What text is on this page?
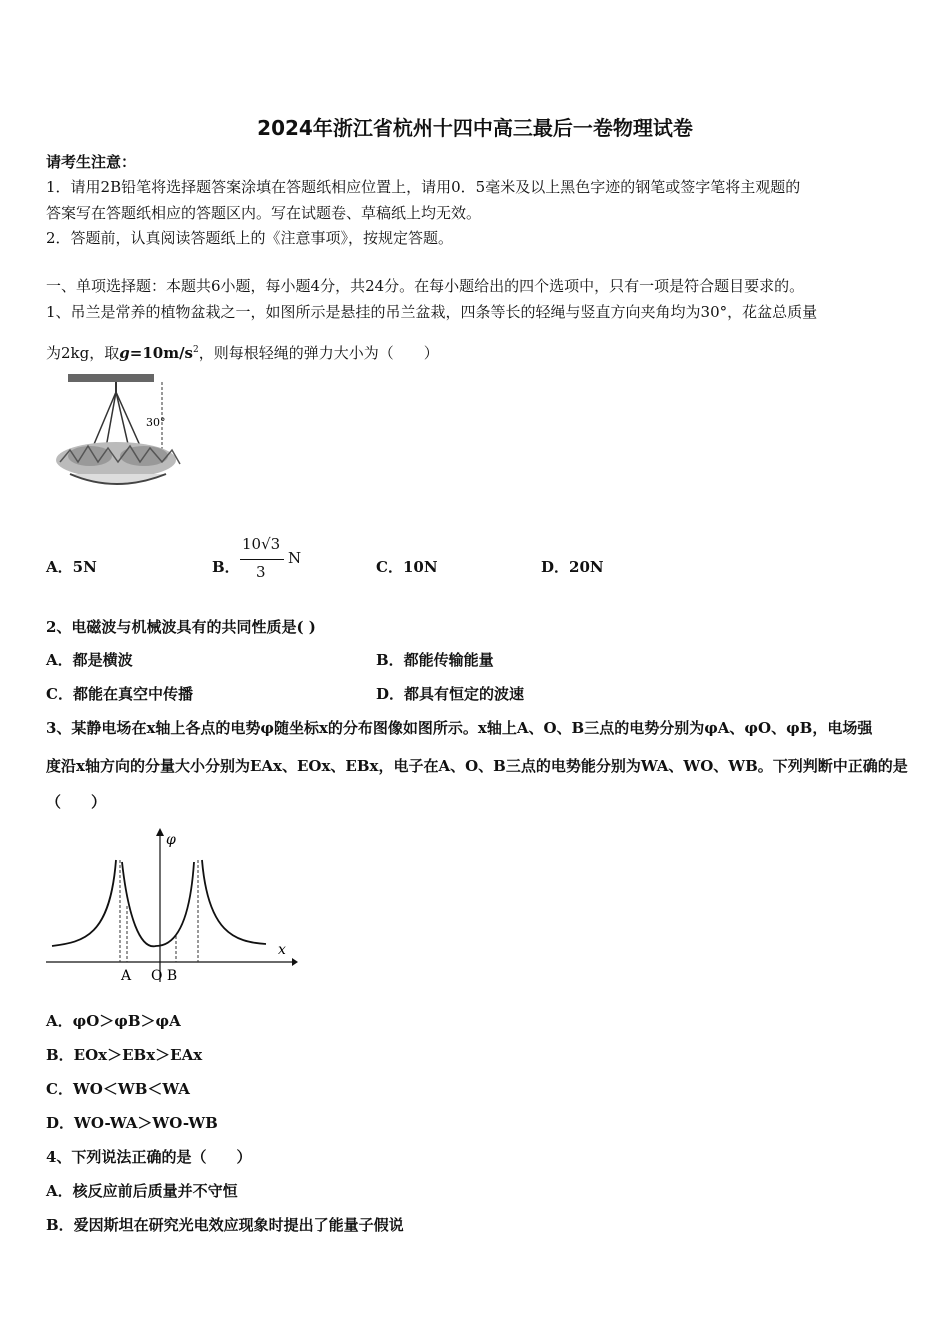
2024年浙江省杭州十四中高三最后一卷物理试卷
请考生注意：
1．请用2B铅笔将选择题答案涂填在答题纸相应位置上，请用0．5毫米及以上黑色字迹的钢笔或签字笔将主观题的
答案写在答题纸相应的答题区内。写在试题卷、草稿纸上均无效。
2．答题前，认真阅读答题纸上的《注意事项》，按规定答题。
一、单项选择题：本题共6小题，每小题4分，共24分。在每小题给出的四个选项中，只有一项是符合题目要求的。
1、吊兰是常养的植物盆栽之一，如图所示是悬挂的吊兰盆栽，四条等长的轻绳与竖直方向夹角均为30°，花盆总质量
为2kg，取$g=10m/s^2$，则每根轻绳的弹力大小为（　　）
30°
A．5N	B．
10√3
3
N	C．10N	D．20N
2、电磁波与机械波具有的共同性质是( )
A．都是横波	B．都能传输能量
C．都能在真空中传播	D．都具有恒定的波速
3、某静电场在x轴上各点的电势φ随坐标x的分布图像如图所示。x轴上A、O、B三点的电势分别为φA、φO、φB，电场强
度沿x轴方向的分量大小分别为EAx、EOx、EBx，电子在A、O、B三点的电势能分别为WA、WO、WB。下列判断中正确的是
（　　）
φ
x
A O B
A．φO＞φB＞φA
B．EOx＞EBx＞EAx
C．WO＜WB＜WA
D．WO-WA＞WO-WB
4、下列说法正确的是（　　）
A．核反应前后质量并不守恒
B．爱因斯坦在研究光电效应现象时提出了能量子假说
